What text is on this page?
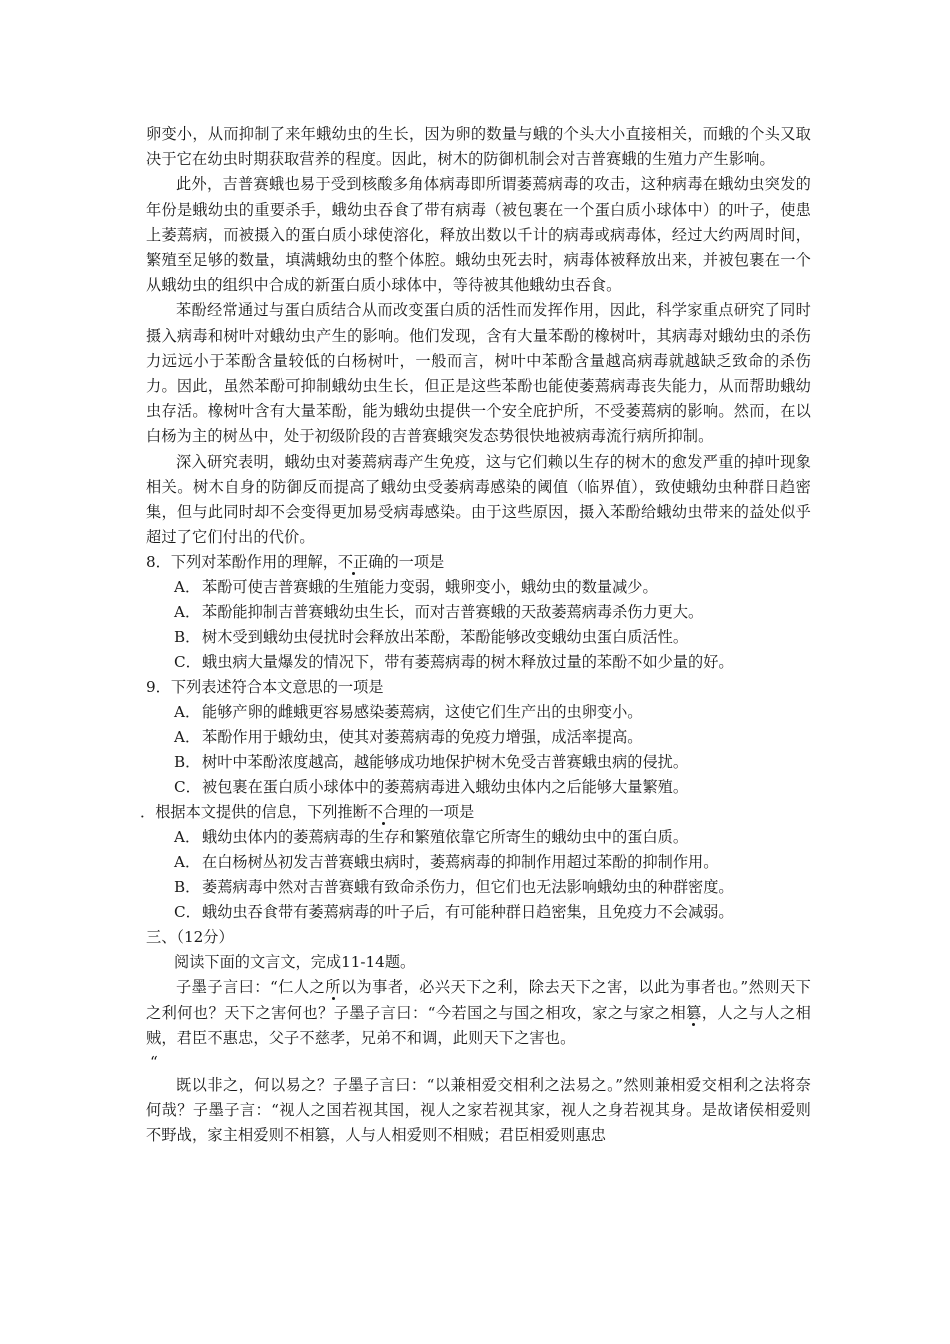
卵变小，从而抑制了来年蛾幼虫的生长，因为卵的数量与蛾的个头大小直接相关，而蛾的个头又取决于它在幼虫时期获取营养的程度。因此，树木的防御机制会对吉普赛蛾的生殖力产生影响。

此外，吉普赛蛾也易于受到核酸多角体病毒即所谓萎蔫病毒的攻击，这种病毒在蛾幼虫突发的年份是蛾幼虫的重要杀手，蛾幼虫吞食了带有病毒（被包裹在一个蛋白质小球体中）的叶子，使患上萎蔫病，而被摄入的蛋白质小球使溶化，释放出数以千计的病毒或病毒体，经过大约两周时间，繁殖至足够的数量，填满蛾幼虫的整个体腔。蛾幼虫死去时，病毒体被释放出来，并被包裹在一个从蛾幼虫的组织中合成的新蛋白质小球体中，等待被其他蛾幼虫吞食。

苯酚经常通过与蛋白质结合从而改变蛋白质的活性而发挥作用，因此，科学家重点研究了同时摄入病毒和树叶对蛾幼虫产生的影响。他们发现，含有大量苯酚的橡树叶，其病毒对蛾幼虫的杀伤力远远小于苯酚含量较低的白杨树叶，一般而言，树叶中苯酚含量越高病毒就越缺乏致命的杀伤力。因此，虽然苯酚可抑制蛾幼虫生长，但正是这些苯酚也能使萎蔫病毒丧失能力，从而帮助蛾幼虫存活。橡树叶含有大量苯酚，能为蛾幼虫提供一个安全庇护所，不受萎蔫病的影响。然而，在以白杨为主的树丛中，处于初级阶段的吉普赛蛾突发态势很快地被病毒流行病所抑制。

深入研究表明，蛾幼虫对萎蔫病毒产生免疫，这与它们赖以生存的树木的愈发严重的掉叶现象相关。树木自身的防御反而提高了蛾幼虫受萎病毒感染的阈值（临界值），致使蛾幼虫种群日趋密集，但与此同时却不会变得更加易受病毒感染。由于这些原因，摄入苯酚给蛾幼虫带来的益处似乎超过了它们付出的代价。

8．下列对苯酚作用的理解，不正确的一项是

A． 苯酚可使吉普赛蛾的生殖能力变弱，蛾卵变小，蛾幼虫的数量减少。

A． 苯酚能抑制吉普赛蛾幼虫生长，而对吉普赛蛾的天敌萎蔫病毒杀伤力更大。

B． 树木受到蛾幼虫侵扰时会释放出苯酚，苯酚能够改变蛾幼虫蛋白质活性。

C．蛾虫病大量爆发的情况下，带有萎蔫病毒的树木释放过量的苯酚不如少量的好。

9．下列表述符合本文意思的一项是

A． 能够产卵的雌蛾更容易感染萎蔫病，这使它们生产出的虫卵变小。

A． 苯酚作用于蛾幼虫，使其对萎蔫病毒的免疫力增强，成活率提高。

B． 树叶中苯酚浓度越高，越能够成功地保护树木免受吉普赛蛾虫病的侵扰。

C．被包裹在蛋白质小球体中的萎蔫病毒进入蛾幼虫体内之后能够大量繁殖。

．根据本文提供的信息，下列推断不合理的一项是

A． 蛾幼虫体内的萎蔫病毒的生存和繁殖依靠它所寄生的蛾幼虫中的蛋白质。

A． 在白杨树丛初发吉普赛蛾虫病时，萎蔫病毒的抑制作用超过苯酚的抑制作用。

B． 萎蔫病毒中然对吉普赛蛾有致命杀伤力，但它们也无法影响蛾幼虫的种群密度。

C．蛾幼虫吞食带有萎蔫病毒的叶子后，有可能种群日趋密集，且免疫力不会减弱。

三、（12分）

阅读下面的文言文，完成11-14题。

子墨子言曰：“仁人之所以为事者，必兴天下之利，除去天下之害，以此为事者也。”然则天下之利何也？天下之害何也？子墨子言曰：“今若国之与国之相攻，家之与家之相篡，人之与人之相贼，君臣不惠忠，父子不慈孝，兄弟不和调，此则天下之害也。

“

既以非之，何以易之？子墨子言曰：“以兼相爱交相利之法易之。”然则兼相爱交相利之法将奈何哉？子墨子言：“视人之国若视其国，视人之家若视其家，视人之身若视其身。是故诸侯相爱则不野战，家主相爱则不相篡，人与人相爱则不相贼；君臣相爱则惠忠
